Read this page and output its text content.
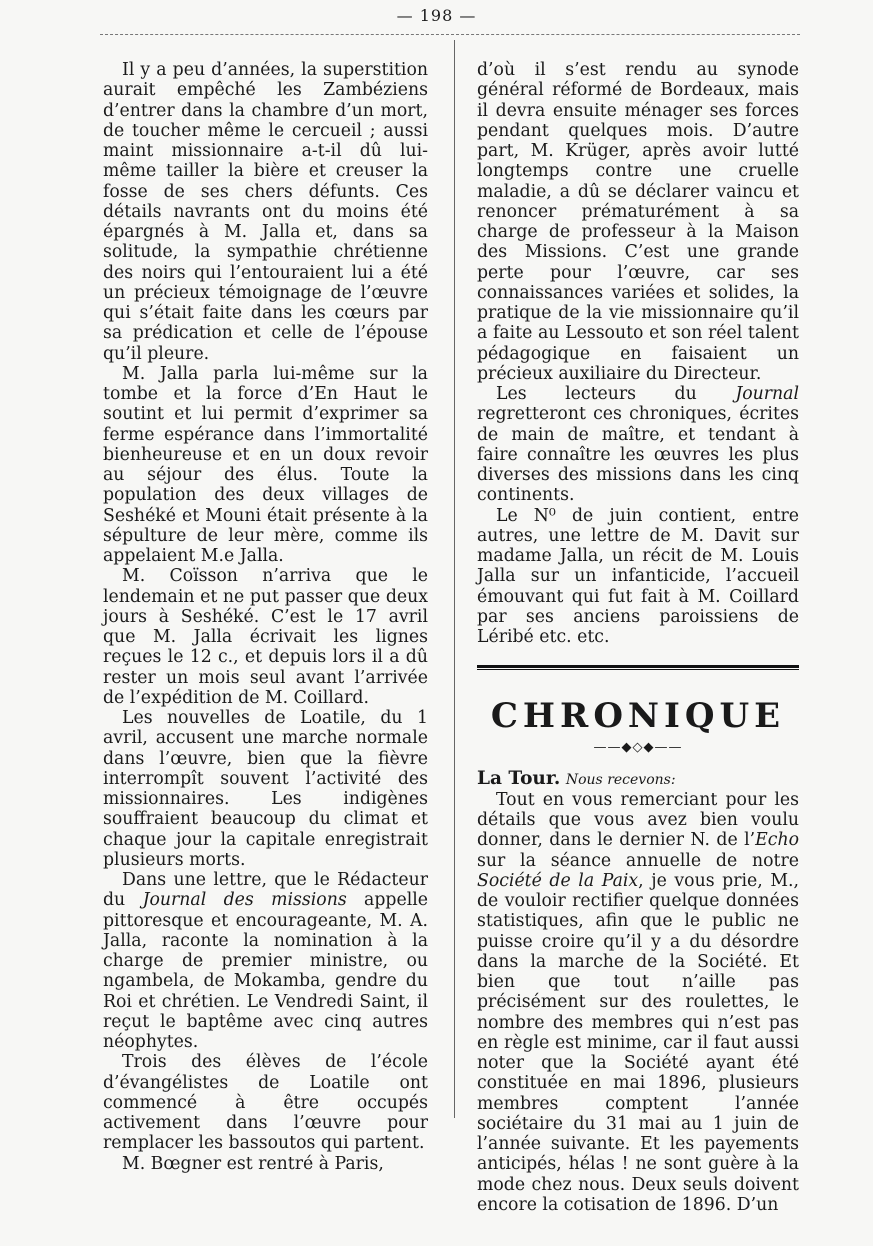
— 198 —

Il y a peu d’années, la superstition aurait empêché les Zambéziens d’entrer dans la chambre d’un mort, de toucher même le cercueil ; aussi maint missionnaire a-t-il dû lui-même tailler la bière et creuser la fosse de ses chers défunts. Ces détails navrants ont du moins été épargnés à M. Jalla et, dans sa solitude, la sympathie chrétienne des noirs qui l’entouraient lui a été un précieux témoignage de l’œuvre qui s’était faite dans les cœurs par sa prédication et celle de l’épouse qu’il pleure.

M. Jalla parla lui-même sur la tombe et la force d’En Haut le soutint et lui permit d’exprimer sa ferme espérance dans l’immortalité bienheureuse et en un doux revoir au séjour des élus. Toute la population des deux villages de Seshéké et Mouni était présente à la sépulture de leur mère, comme ils appelaient M.e Jalla.

M. Coïsson n’arriva que le lendemain et ne put passer que deux jours à Seshéké. C’est le 17 avril que M. Jalla écrivait les lignes reçues le 12 c., et depuis lors il a dû rester un mois seul avant l’arrivée de l’expédition de M. Coillard.

Les nouvelles de Loatile, du 1 avril, accusent une marche normale dans l’œuvre, bien que la fièvre interrompît souvent l’activité des missionnaires. Les indigènes souffraient beaucoup du climat et chaque jour la capitale enregistrait plusieurs morts.

Dans une lettre, que le Rédacteur du Journal des missions appelle pittoresque et encourageante, M. A. Jalla, raconte la nomination à la charge de premier ministre, ou ngambela, de Mokamba, gendre du Roi et chrétien. Le Vendredi Saint, il reçut le baptême avec cinq autres néophytes.

Trois des élèves de l’école d’évangélistes de Loatile ont commencé à être occupés activement dans l’œuvre pour remplacer les bassoutos qui partent.

M. Bœgner est rentré à Paris,

d’où il s’est rendu au synode général réformé de Bordeaux, mais il devra ensuite ménager ses forces pendant quelques mois. D’autre part, M. Krüger, après avoir lutté longtemps contre une cruelle maladie, a dû se déclarer vaincu et renoncer prématurément à sa charge de professeur à la Maison des Missions. C’est une grande perte pour l’œuvre, car ses connaissances variées et solides, la pratique de la vie missionnaire qu’il a faite au Lessouto et son réel talent pédagogique en faisaient un précieux auxiliaire du Directeur.

Les lecteurs du Journal regretteront ces chroniques, écrites de main de maître, et tendant à faire connaître les œuvres les plus diverses des missions dans les cinq continents.

Le N⁰ de juin contient, entre autres, une lettre de M. Davit sur madame Jalla, un récit de M. Louis Jalla sur un infanticide, l’accueil émouvant qui fut fait à M. Coillard par ses anciens paroissiens de Léribé etc. etc.

CHRONIQUE
——◆◇◆——

La Tour. Nous recevons:

Tout en vous remerciant pour les détails que vous avez bien voulu donner, dans le dernier N. de l’Echo sur la séance annuelle de notre Société de la Paix, je vous prie, M., de vouloir rectifier quelque données statistiques, afin que le public ne puisse croire qu’il y a du désordre dans la marche de la Société. Et bien que tout n’aille pas précisément sur des roulettes, le nombre des membres qui n’est pas en règle est minime, car il faut aussi noter que la Société ayant été constituée en mai 1896, plusieurs membres comptent l’année sociétaire du 31 mai au 1 juin de l’année suivante. Et les payements anticipés, hélas ! ne sont guère à la mode chez nous. Deux seuls doivent encore la cotisation de 1896. D’un
